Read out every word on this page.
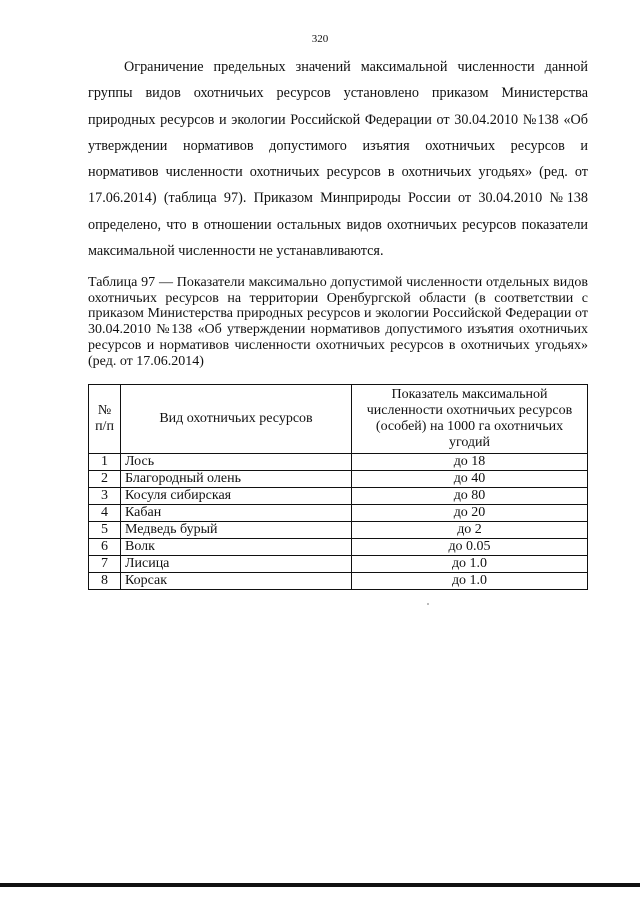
320

Ограничение предельных значений максимальной численности данной группы видов охотничьих ресурсов установлено приказом Министерства природных ресурсов и экологии Российской Федерации от 30.04.2010 №138 «Об утверждении нормативов допустимого изъятия охотничьих ресурсов и нормативов численности охотничьих ресурсов в охотничьих угодьях» (ред. от 17.06.2014) (таблица 97). Приказом Минприроды России от 30.04.2010 №138 определено, что в отношении остальных видов охотничьих ресурсов показатели максимальной численности не устанавливаются.

Таблица 97 — Показатели максимально допустимой численности отдельных видов охотничьих ресурсов на территории Оренбургской области (в соответствии с приказом Министерства природных ресурсов и экологии Российской Федерации от 30.04.2010 №138 «Об утверждении нормативов допустимого изъятия охотничьих ресурсов и нормативов численности охотничьих ресурсов в охотничьих угодьях» (ред. от 17.06.2014)

№ п/п	Вид охотничьих ресурсов	Показатель максимальной численности охотничьих ресурсов (особей) на 1000 га охотничьих угодий
1	Лось	до 18
2	Благородный олень	до 40
3	Косуля сибирская	до 80
4	Кабан	до 20
5	Медведь бурый	до 2
6	Волк	до 0.05
7	Лисица	до 1.0
8	Корсак	до 1.0
